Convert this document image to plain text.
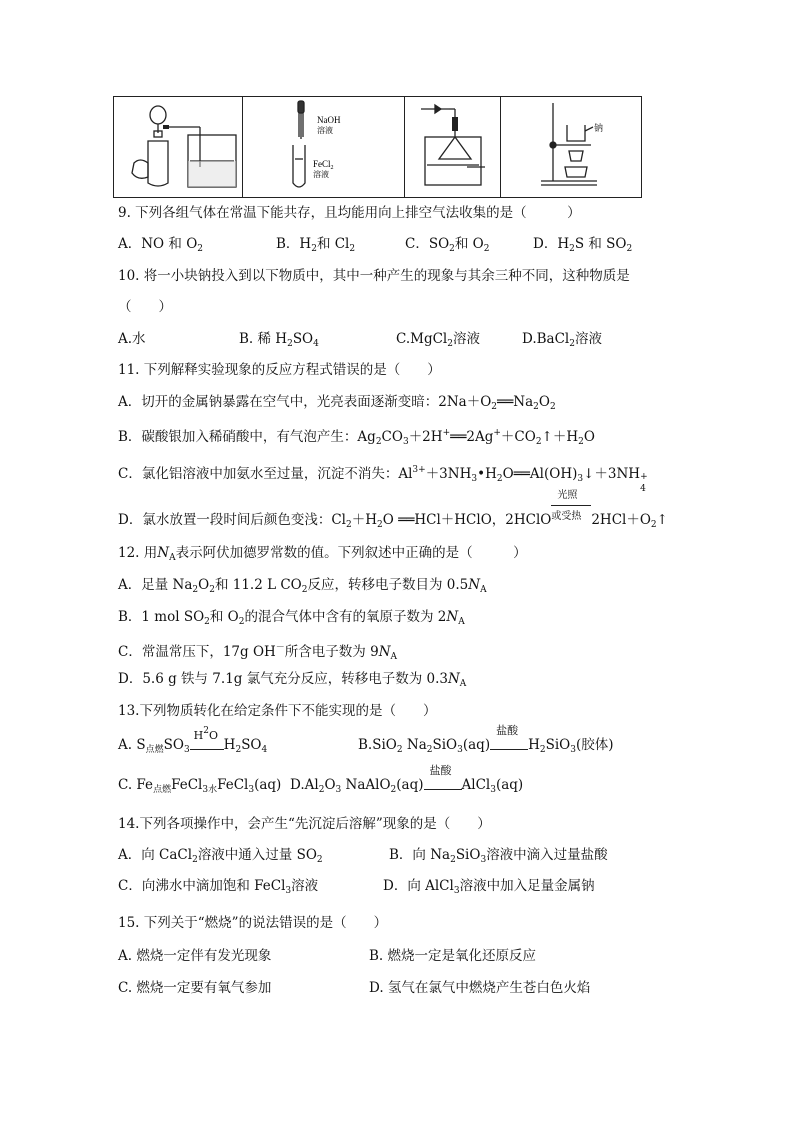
NaOH
溶液
FeCl$_2$
溶液
钠
9. 下列各组气体在常温下能共存，且均能用向上排空气法收集的是（　　　）
A．NO 和 $O_2$	B．$H_2$和 $Cl_2$	C．$SO_2$和 $O_2$	D．$H_2S$ 和 $SO_2$
10. 将一小块钠投入到以下物质中，其中一种产生的现象与其余三种不同，这种物质是
（　　）
A.水	B. 稀 $H_2SO_4$	C.MgCl$_2$溶液	D.BaCl$_2$溶液
11. 下列解释实验现象的反应方程式错误的是（　　）
A．切开的金属钠暴露在空气中，光亮表面逐渐变暗：$2Na+O_2══Na_2O_2$
B．碳酸银加入稀硝酸中，有气泡产生：$Ag_2CO_3+2H^+══2Ag^++CO_2↑+H_2O$
C．氯化铝溶液中加氨水至过量，沉淀不消失：$Al^{3+}+3NH_3•H_2O══Al(OH)_3↓+3NH$ +
4
D．氯水放置一段时间后颜色变浅：$Cl_2+H_2O$ ══HCl＋HClO，2HClO
光照
或受热 $2HCl+O_2↑$
12. 用$N_A$表示阿伏加德罗常数的值。下列叙述中正确的是（　　　）
A．足量 $Na_2O_2$和 11.2 L $CO_2$反应，转移电子数目为 $0.5N_A$
B．1 mol $SO_2$和 $O_2$的混合气体中含有的氧原子数为 $2N_A$
C．常温常压下，17g OH－所含电子数为 $9N_A$
D．5.6 g 铁与 7.1g 氯气充分反应，转移电子数为 $0.3N_A$
13.下列物质转化在给定条件下不能实现的是（　　）
A. $S_{点燃}SO_3$
$H^2O$
$H_2SO_4$	B.SiO$_2$ $Na_2SiO_3(aq)$
盐酸
$H_2SiO_3$(胶体)
C. $Fe_{点燃}FeCl_{3水}FeCl_3(aq)$ $D.Al_2O_3$ NaAlO$_2$(aq)
盐酸
AlCl$_3$(aq)
14.下列各项操作中，会产生“先沉淀后溶解”现象的是（　　）
A．向 CaCl$_2$溶液中通入过量 $SO_2$	B．向 $Na_2SiO_3$溶液中滴入过量盐酸
C．向沸水中滴加饱和 FeCl$_3$溶液	D．向 AlCl$_3$溶液中加入足量金属钠
15. 下列关于“燃烧”的说法错误的是（　　）
A. 燃烧一定伴有发光现象	B. 燃烧一定是氧化还原反应
C. 燃烧一定要有氧气参加	D. 氢气在氯气中燃烧产生苍白色火焰
